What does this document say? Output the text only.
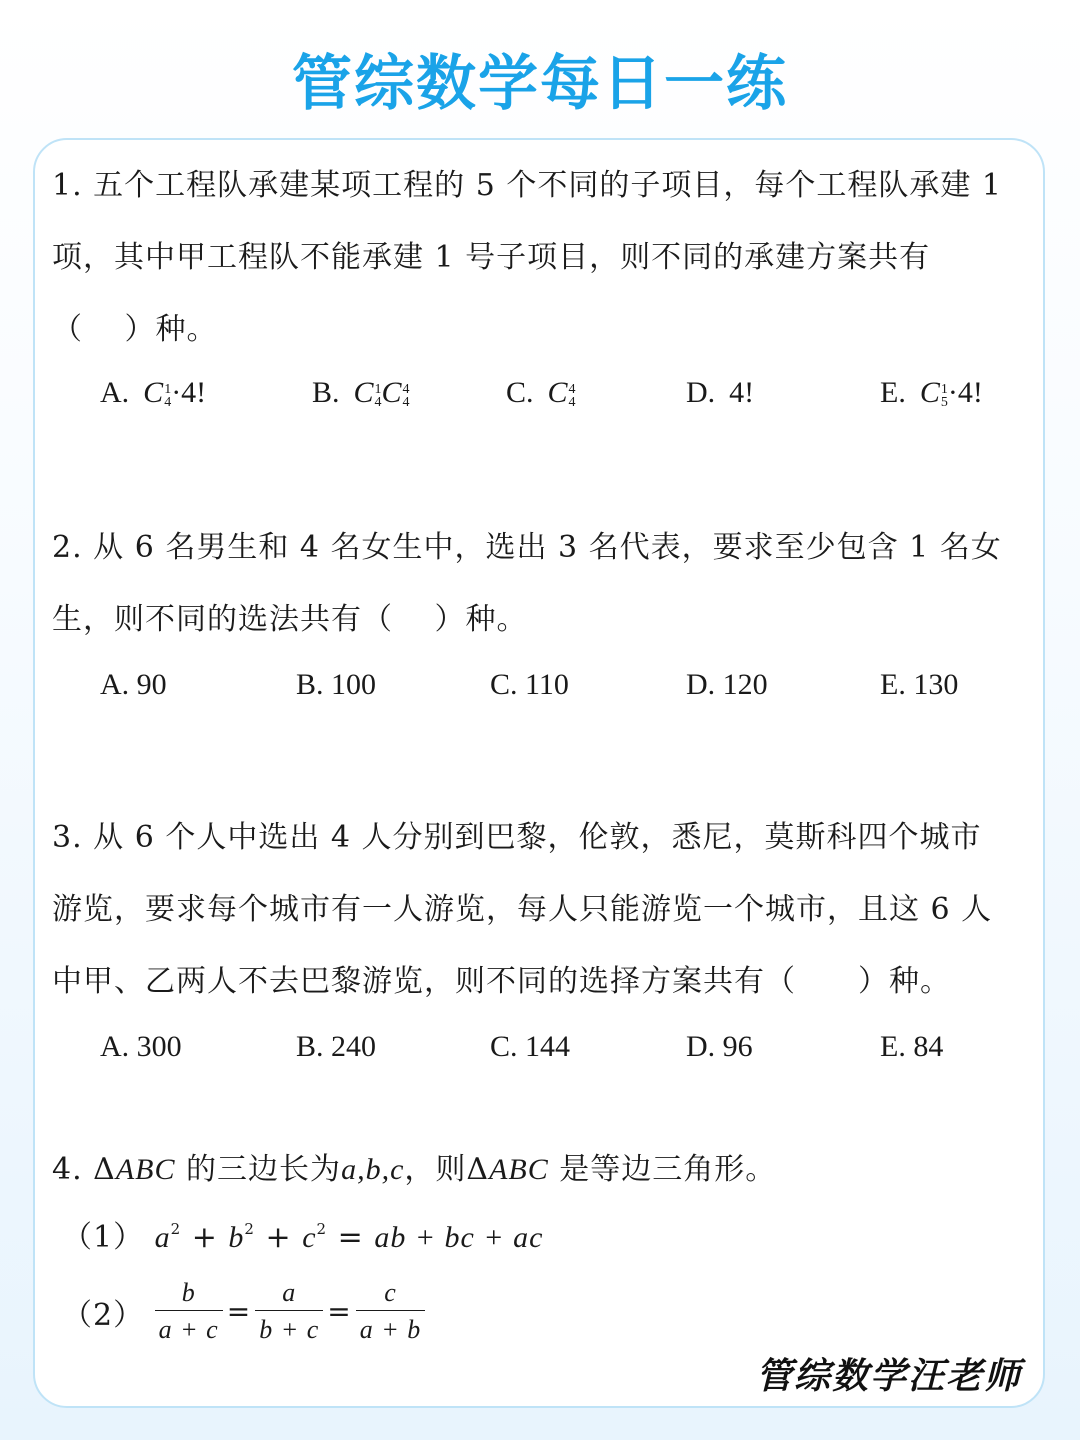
管综数学每日一练
1. 五个工程队承建某项工程的 5 个不同的子项目，每个工程队承建 1
项，其中甲工程队不能承建 1 号子项目，则不同的承建方案共有
（　 ）种。
A. C 1
4 ·4!	B. C 1
4 C 4
4	C. C 4
4	D. 4!	E. C 1
5 ·4!
2. 从 6 名男生和 4 名女生中，选出 3 名代表，要求至少包含 1 名女
生，则不同的选法共有（　 ）种。
A. 90	B. 100	C. 110	D. 120	E. 130
3. 从 6 个人中选出 4 人分别到巴黎，伦敦，悉尼，莫斯科四个城市
游览，要求每个城市有一人游览，每人只能游览一个城市，且这 6 人
中甲、乙两人不去巴黎游览，则不同的选择方案共有（　　）种。
A. 300	B. 240	C. 144	D. 96	E. 84
4. ΔABC 的三边长为a,b,c，则ΔABC 是等边三角形。
（1） $a^2 + b^2 + c^2$ = ab + bc + ac
$(2) \frac{b}{a + c} = \frac{a}{b + c} = \frac{c}{a + b}$
管综数学汪老师
